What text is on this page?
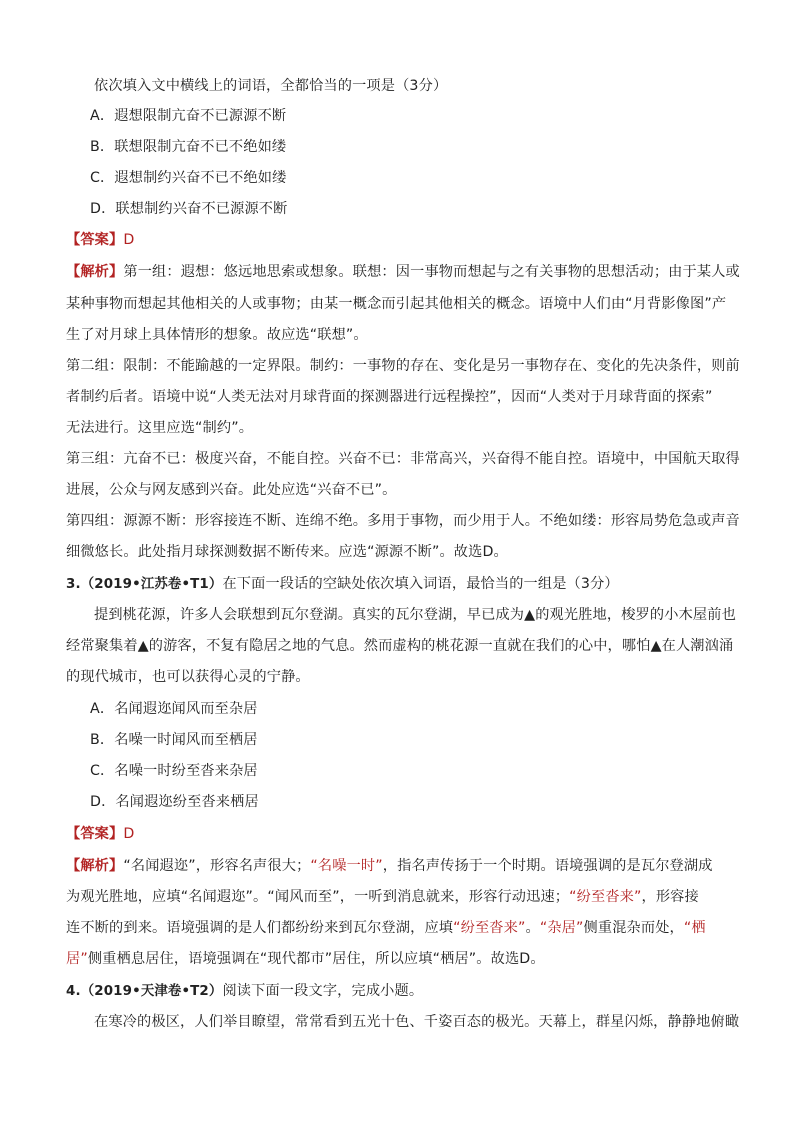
依次填入文中横线上的词语，全都恰当的一项是（3分）
A．遐想限制亢奋不已源源不断
B．联想限制亢奋不已不绝如缕
C．遐想制约兴奋不已不绝如缕
D．联想制约兴奋不已源源不断
【答案】D
【解析】第一组：遐想：悠远地思索或想象。联想：因一事物而想起与之有关事物的思想活动；由于某人或
某种事物而想起其他相关的人或事物；由某一概念而引起其他相关的概念。语境中人们由“月背影像图”产
生了对月球上具体情形的想象。故应选“联想”。
第二组：限制：不能踰越的一定界限。制约：一事物的存在、变化是另一事物存在、变化的先决条件，则前
者制约后者。语境中说“人类无法对月球背面的探测器进行远程操控”，因而“人类对于月球背面的探索”
无法进行。这里应选“制约”。
第三组：亢奋不已：极度兴奋，不能自控。兴奋不已：非常高兴，兴奋得不能自控。语境中，中国航天取得
进展，公众与网友感到兴奋。此处应选“兴奋不已”。
第四组：源源不断：形容接连不断、连绵不绝。多用于事物，而少用于人。不绝如缕：形容局势危急或声音
细微悠长。此处指月球探测数据不断传来。应选“源源不断”。故选D。
3.（2019•江苏卷•T1）在下面一段话的空缺处依次填入词语，最恰当的一组是（3分）
提到桃花源，许多人会联想到瓦尔登湖。真实的瓦尔登湖，早已成为▲的观光胜地，梭罗的小木屋前也
经常聚集着▲的游客，不复有隐居之地的气息。然而虚构的桃花源一直就在我们的心中，哪怕▲在人潮汹涌
的现代城市，也可以获得心灵的宁静。
A．名闻遐迩闻风而至杂居
B．名噪一时闻风而至栖居
C．名噪一时纷至沓来杂居
D．名闻遐迩纷至沓来栖居
【答案】D
【解析】“名闻遐迩”，形容名声很大；“名噪一时”，指名声传扬于一个时期。语境强调的是瓦尔登湖成
为观光胜地，应填“名闻遐迩”。“闻风而至”，一听到消息就来，形容行动迅速；“纷至沓来”，形容接
连不断的到来。语境强调的是人们都纷纷来到瓦尔登湖，应填“纷至沓来”。“杂居”侧重混杂而处，“栖
居”侧重栖息居住，语境强调在“现代都市”居住，所以应填“栖居”。故选D。
4.（2019•天津卷•T2）阅读下面一段文字，完成小题。
在寒冷的极区，人们举目瞭望，常常看到五光十色、千姿百态的极光。天幕上，群星闪烁，静静地俯瞰
